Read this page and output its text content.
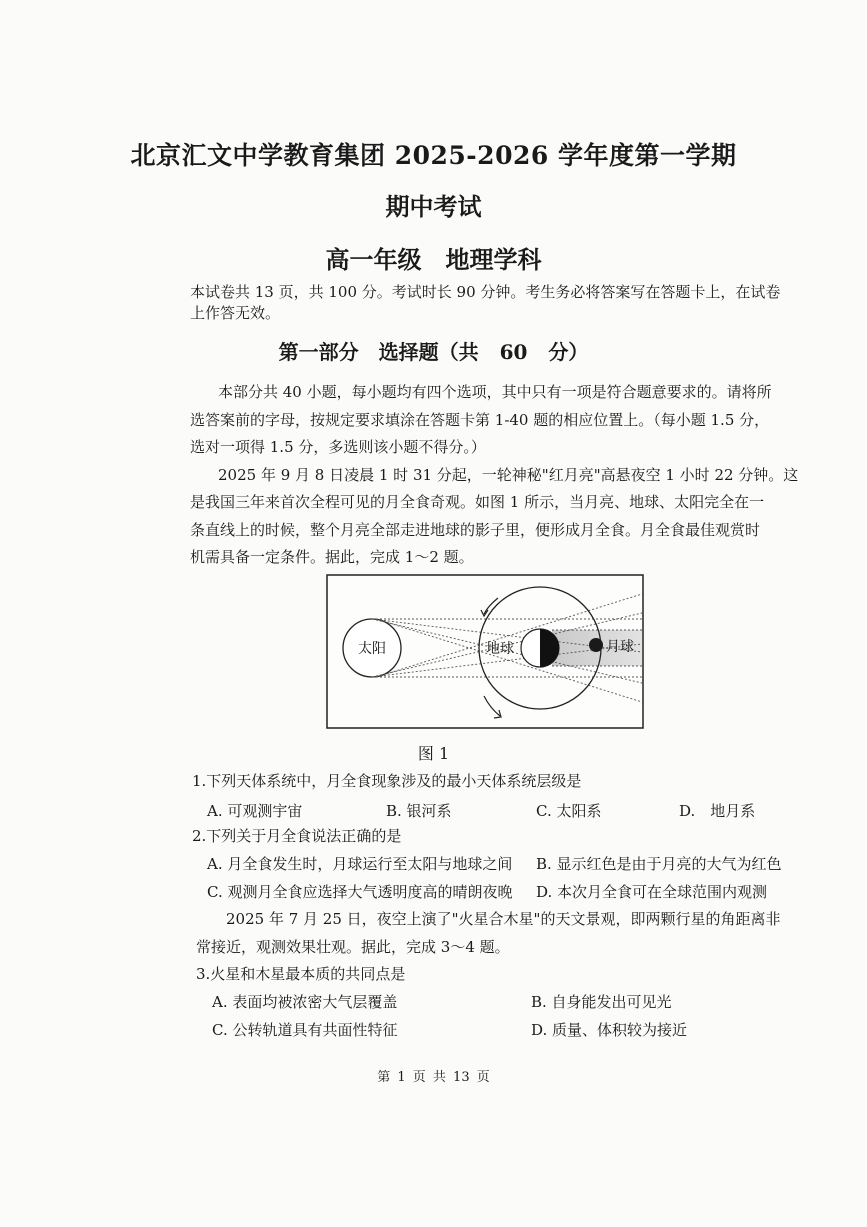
北京汇文中学教育集团 2025-2026 学年度第一学期
期中考试
高一年级　地理学科
本试卷共 13 页，共 100 分。考试时长 90 分钟。考生务必将答案写在答题卡上，在试卷
上作答无效。
第一部分　选择题（共 60 分）
本部分共 40 小题，每小题均有四个选项，其中只有一项是符合题意要求的。请将所
选答案前的字母，按规定要求填涂在答题卡第 1-40 题的相应位置上。（每小题 1.5 分，
选对一项得 1.5 分，多选则该小题不得分。）
2025 年 9 月 8 日凌晨 1 时 31 分起，一轮神秘"红月亮"高悬夜空 1 小时 22 分钟。这
是我国三年来首次全程可见的月全食奇观。如图 1 所示，当月亮、地球、太阳完全在一
条直线上的时候，整个月亮全部走进地球的影子里，便形成月全食。月全食最佳观赏时
机需具备一定条件。据此，完成 1～2 题。
太阳	地球	月球
图 1
1.下列天体系统中，月全食现象涉及的最小天体系统层级是
A. 可观测宇宙	B. 银河系	C. 太阳系	D.　地月系
2.下列关于月全食说法正确的是
A. 月全食发生时，月球运行至太阳与地球之间 B. 显示红色是由于月亮的大气为红色
C. 观测月全食应选择大气透明度高的晴朗夜晚 D. 本次月全食可在全球范围内观测
2025 年 7 月 25 日，夜空上演了"火星合木星"的天文景观，即两颗行星的角距离非
常接近，观测效果壮观。据此，完成 3～4 题。
3.火星和木星最本质的共同点是
A. 表面均被浓密大气层覆盖	B. 自身能发出可见光
C. 公转轨道具有共面性特征	D. 质量、体积较为接近
第 1 页 共 13 页
